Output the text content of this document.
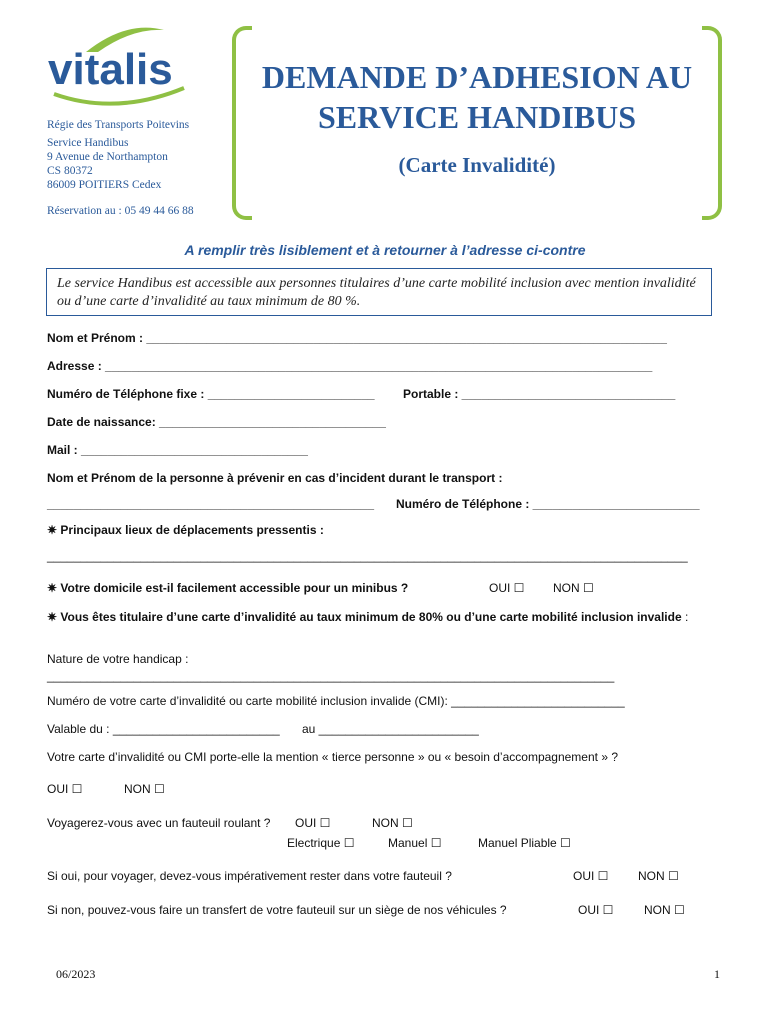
vitalis
Régie des Transports Poitevins
Service Handibus
9 Avenue de Northampton
CS 80372
86009 POITIERS Cedex
Réservation au : 05 49 44 66 88
DEMANDE D’ADHESION AU
SERVICE HANDIBUS
(Carte Invalidité)
A remplir très lisiblement et à retourner à l’adresse ci-contre
Le service Handibus est accessible aux personnes titulaires d’une carte mobilité inclusion avec mention invalidité ou d’une carte d’invalidité au taux minimum de 80 %.
Nom et Prénom : ______________________________________________________________________________
Adresse : __________________________________________________________________________________
Numéro de Téléphone fixe : _________________________ Portable : ________________________________
Date de naissance: __________________________________
Mail : __________________________________
Nom et Prénom de la personne à prévenir en cas d’incident durant le transport :
_________________________________________________ Numéro de Téléphone : _________________________
✷ Principaux lieux de déplacements pressentis :
________________________________________________________________________________________________
✷ Votre domicile est-il facilement accessible pour un minibus ?	OUI ☐ NON ☐
✷ Vous êtes titulaire d’une carte d’invalidité au taux minimum de 80% ou d’une carte mobilité inclusion invalide :
Nature de votre handicap :
_____________________________________________________________________________________
Numéro de votre carte d’invalidité ou carte mobilité inclusion invalide (CMI): __________________________
Valable du : _________________________ au ________________________
Votre carte d’invalidité ou CMI porte-elle la mention « tierce personne » ou « besoin d’accompagnement » ?
OUI ☐	NON ☐
Voyagerez-vous avec un fauteuil roulant ? OUI ☐	NON ☐
Electrique ☐	Manuel ☐	Manuel Pliable ☐
Si oui, pour voyager, devez-vous impérativement rester dans votre fauteuil ?	OUI ☐ NON ☐
Si non, pouvez-vous faire un transfert de votre fauteuil sur un siège de nos véhicules ?	OUI ☐	NON ☐
06/2023	1
